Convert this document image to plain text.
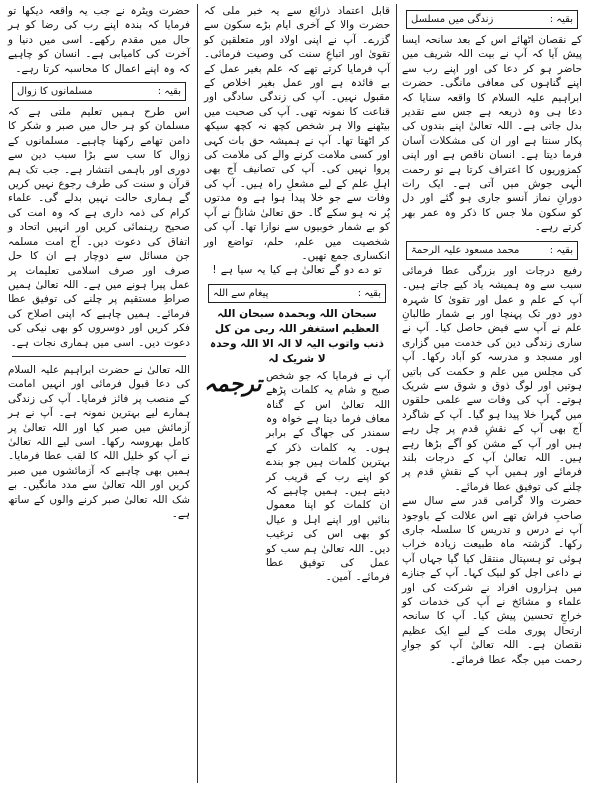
بقیہ :
زندگی میں مسلسل

کے نقصان اٹھائے اس کے بعد سانحہ ایسا پیش آیا کہ آپ نے بیت اللہ شریف میں حاضر ہو کر دعا کی اور اپنے رب سے اپنے گناہوں کی معافی مانگی۔ حضرت ابراہیم علیہ السلام کا واقعہ سنایا کہ دعا ہی وہ ذریعہ ہے جس سے تقدیر بدل جاتی ہے۔ اللہ تعالیٰ اپنے بندوں کی پکار سنتا ہے اور ان کی مشکلات آسان فرما دیتا ہے۔ انسان ناقص ہے اور اپنی کمزوریوں کا اعتراف کرتا ہے تو رحمت الٰہی جوش میں آتی ہے۔ ایک رات دورانِ نماز آنسو جاری ہو گئے اور دل کو سکون ملا جس کا ذکر وہ عمر بھر کرتے رہے۔

بقیہ :
محمد مسعود علیہ الرحمۃ

رفیع درجات اور بزرگی عطا فرمائی سبب سے وہ ہمیشہ یاد کیے جاتے ہیں۔ آپ کے علم و عمل اور تقویٰ کا شہرہ دور دور تک پہنچا اور بے شمار طالبانِ علم نے آپ سے فیض حاصل کیا۔ آپ نے ساری زندگی دین کی خدمت میں گزاری اور مسجد و مدرسہ کو آباد رکھا۔ آپ کی مجلس میں علم و حکمت کی باتیں ہوتیں اور لوگ ذوق و شوق سے شریک ہوتے۔ آپ کی وفات سے علمی حلقوں میں گہرا خلا پیدا ہو گیا۔ آپ کے شاگرد آج بھی آپ کے نقشِ قدم پر چل رہے ہیں اور آپ کے مشن کو آگے بڑھا رہے ہیں۔ اللہ تعالیٰ آپ کے درجات بلند فرمائے اور ہمیں آپ کے نقشِ قدم پر چلنے کی توفیق عطا فرمائے۔

حضرت والا گرامی قدر سے سال سے صاحبِ فراش تھے اس علالت کے باوجود آپ نے درس و تدریس کا سلسلہ جاری رکھا۔ گزشتہ ماہ طبیعت زیادہ خراب ہوئی تو ہسپتال منتقل کیا گیا جہاں آپ نے داعی اجل کو لبیک کہا۔ آپ کے جنازے میں ہزاروں افراد نے شرکت کی اور علماء و مشائخ نے آپ کی خدمات کو خراجِ تحسین پیش کیا۔ آپ کا سانحہ ارتحال پوری ملت کے لیے ایک عظیم نقصان ہے۔ اللہ تعالیٰ آپ کو جوارِ رحمت میں جگہ عطا فرمائے۔

قابل اعتماد ذرائع سے یہ خبر ملی کہ حضرت والا کے آخری ایام بڑے سکون سے گزرے۔ آپ نے اپنی اولاد اور متعلقین کو تقویٰ اور اتباعِ سنت کی وصیت فرمائی۔ آپ فرمایا کرتے تھے کہ علم بغیر عمل کے بے فائدہ ہے اور عمل بغیر اخلاص کے مقبول نہیں۔ آپ کی زندگی سادگی اور قناعت کا نمونہ تھی۔ آپ کی صحبت میں بیٹھنے والا ہر شخص کچھ نہ کچھ سیکھ کر اٹھتا تھا۔ آپ نے ہمیشہ حق بات کہی اور کسی ملامت کرنے والے کی ملامت کی پروا نہیں کی۔ آپ کی تصانیف آج بھی اہلِ علم کے لیے مشعلِ راہ ہیں۔ آپ کی وفات سے جو خلا پیدا ہوا ہے وہ مدتوں پُر نہ ہو سکے گا۔ حق تعالیٰ شانہٗ نے آپ کو بے شمار خوبیوں سے نوازا تھا۔ آپ کی شخصیت میں علم، حلم، تواضع اور انکساری جمع تھیں۔

تو دے دو گے تعالیٰ ہے کیا یہ سیا ہے !

بقیہ :
پیغام سے اللہ

سبحان اللہ وبحمدہ سبحان اللہ العظیم استغفر اللہ ربی من کل ذنب واتوب الیہ لا الہ الا اللہ وحدہ لا شریک لہ

ترجمہ آپ نے فرمایا کہ جو شخص صبح و شام یہ کلمات پڑھے اللہ تعالیٰ اس کے گناہ معاف فرما دیتا ہے خواہ وہ سمندر کی جھاگ کے برابر ہوں۔ یہ کلمات ذکر کے بہترین کلمات ہیں جو بندے کو اپنے رب کے قریب کر دیتے ہیں۔ ہمیں چاہیے کہ ان کلمات کو اپنا معمول بنائیں اور اپنے اہل و عیال کو بھی اس کی ترغیب دیں۔ اللہ تعالیٰ ہم سب کو عمل کی توفیق عطا فرمائے۔ آمین۔

حضرت ویٹرہ نے جب یہ واقعہ دیکھا تو فرمایا کہ بندہ اپنے رب کی رضا کو ہر حال میں مقدم رکھے۔ اسی میں دنیا و آخرت کی کامیابی ہے۔ انسان کو چاہیے کہ وہ اپنے اعمال کا محاسبہ کرتا رہے۔

بقیہ :
مسلمانوں کا زوال

اس طرح ہمیں تعلیم ملتی ہے کہ مسلمان کو ہر حال میں صبر و شکر کا دامن تھامے رکھنا چاہیے۔ مسلمانوں کے زوال کا سب سے بڑا سبب دین سے دوری اور باہمی انتشار ہے۔ جب تک ہم قرآن و سنت کی طرف رجوع نہیں کریں گے ہماری حالت نہیں بدلے گی۔ علماء کرام کی ذمہ داری ہے کہ وہ امت کی صحیح رہنمائی کریں اور انہیں اتحاد و اتفاق کی دعوت دیں۔ آج امت مسلمہ جن مسائل سے دوچار ہے ان کا حل صرف اور صرف اسلامی تعلیمات پر عمل پیرا ہونے میں ہے۔ اللہ تعالیٰ ہمیں صراطِ مستقیم پر چلنے کی توفیق عطا فرمائے۔ ہمیں چاہیے کہ اپنی اصلاح کی فکر کریں اور دوسروں کو بھی نیکی کی دعوت دیں۔ اسی میں ہماری نجات ہے۔

اللہ تعالیٰ نے حضرت ابراہیم علیہ السلام کی دعا قبول فرمائی اور انہیں امامت کے منصب پر فائز فرمایا۔ آپ کی زندگی ہمارے لیے بہترین نمونہ ہے۔ آپ نے ہر آزمائش میں صبر کیا اور اللہ تعالیٰ پر کامل بھروسہ رکھا۔ اسی لیے اللہ تعالیٰ نے آپ کو خلیل اللہ کا لقب عطا فرمایا۔ ہمیں بھی چاہیے کہ آزمائشوں میں صبر کریں اور اللہ تعالیٰ سے مدد مانگیں۔ بے شک اللہ تعالیٰ صبر کرنے والوں کے ساتھ ہے۔
